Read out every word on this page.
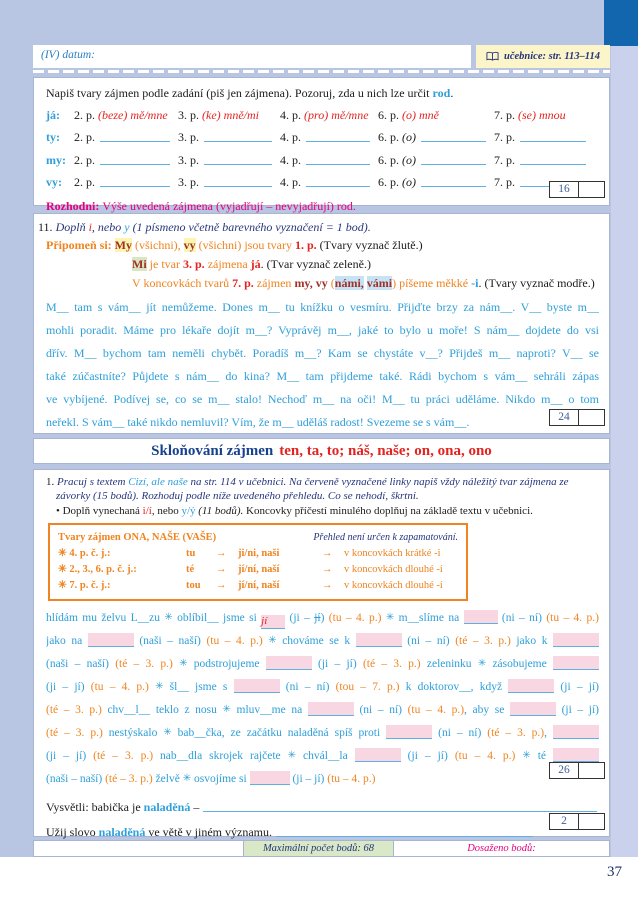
(IV) datum:	učebnice: str. 113–114
Napiš tvary zájmen podle zadání (piš jen zájmena). Pozoruj, zda u nich lze určit rod.
já:	2. p. (beze) mě/mne 3. p. (ke) mně/mi 4. p. (pro) mě/mne 6. p. (o) mně	7. p. (se) mnou
ty:	2. p.	3. p.	4. p.	6. p. (o)	7. p.
my: 2. p.	3. p.	4. p.	6. p. (o)	7. p.
vy:	2. p.	3. p.	4. p.	6. p. (o)	7. p.
Rozhodni: Výše uvedená zájmena (vyjadřují – nevyjadřují) rod.
16
11. Doplň i, nebo y (1 písmeno včetně barevného vyznačení = 1 bod).
Připomeň si: My (všichni), vy (všichni) jsou tvary 1. p. (Tvary vyznač žlutě.)
Mi je tvar 3. p. zájmena já. (Tvar vyznač zeleně.)
V koncovkách tvarů 7. p. zájmen my, vy (námi, vámi) píšeme měkké -i. (Tvary vyznač modře.)
M__ tam s vám__ jít nemůžeme. Dones m__ tu knížku o vesmíru. Přijďte brzy za nám__. V__ byste m__
mohli poradit. Máme pro lékaře dojít m__? Vyprávěj m__, jaké to bylo u moře! S nám__ dojdete do vsi
dřív. M__ bychom tam neměli chybět. Poradíš m__? Kam se chystáte v__? Přijdeš m__ naproti? V__ se
také zúčastníte? Půjdete s nám__ do kina? M__ tam přijdeme také. Rádi bychom s vám__ sehráli zápas
ve vybíjené. Podívej se, co se m__ stalo! Nechoď m__ na oči! M__ tu práci uděláme. Nikdo m__ o tom
neřekl. S vám__ také nikdo nemluvil? Vím, že m__ uděláš radost! Svezeme se s vám__.	24
Skloňování zájmen ten, ta, to; náš, naše; on, ona, ono
1. Pracuj s textem Cizí, ale naše na str. 114 v učebnici. Na červeně vyznačené linky napiš vždy náležitý tvar zájmena ze závorky (15 bodů). Rozhoduj podle níže uvedeného přehledu. Co se nehodí, škrtni.
• Doplň vynechaná i/í, nebo y/ý (11 bodů). Koncovky příčestí minulého doplňuj na základě textu v učebnici.
Tvary zájmen ONA, NAŠE (VAŠE)	Přehled není určen k zapamatování.
✳ 4. p. č. j.:	tu	→	ji/ni, naši	→	v koncovkách krátké -i
✳ 2., 3., 6. p. č. j.:	té	→	jí/ní, naší	→	v koncovkách dlouhé -í
✳ 7. p. č. j.:	tou	→	jí/ní, naší	→	v koncovkách dlouhé -í
hlídám mu želvu L__zu ✳ oblíbil__ jsme si jí (ji – jí) (tu – 4. p.) ✳ m__slíme na	(ni – ní) (tu – 4. p.)
jako na	(naši – naší) (tu – 4. p.) ✳ chováme se k	(ni – ní) (té – 3. p.) jako k
(naši – naší) (té – 3. p.) ✳ podstrojujeme	(ji – jí) (té – 3. p.) zeleninku ✳ zásobujeme
(ji – jí) (tu – 4. p.) ✳ šl__ jsme s	(ni – ní) (tou – 7. p.) k doktorov__, když	(ji – jí)
(té – 3. p.) chv__l__ teklo z nosu ✳ mluv__me na	(ni – ní) (tu – 4. p.), aby se	(ji – jí)
(té – 3. p.) nestýskalo ✳ bab__čka, ze začátku naladěná spíš proti	(ni – ní) (té – 3. p.),
(ji – jí) (té – 3. p.) nab__dla skrojek rajčete ✳ chvál__la	(ji – jí) (tu – 4. p.) ✳ té
(naši – naší) (té – 3. p.) želvě ✳ osvojíme si	(ji – jí) (tu – 4. p.)
Vysvětli: babička je naladěná –
Užij slovo naladěná ve větě v jiném významu.
26
2
Maximální počet bodů: 68	Dosaženo bodů:
37
